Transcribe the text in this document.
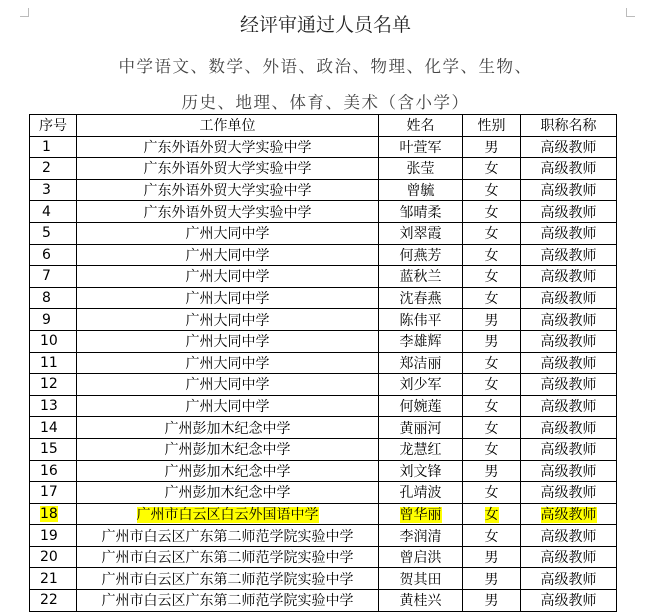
经评审通过人员名单
中学语文、数学、外语、政治、物理、化学、生物、
历史、地理、体育、美术（含小学）
序号	工作单位	姓名	性别	职称名称
1	广东外语外贸大学实验中学	叶萱军	男	高级教师
2	广东外语外贸大学实验中学	张莹	女	高级教师
3	广东外语外贸大学实验中学	曾毓	女	高级教师
4	广东外语外贸大学实验中学	邹晴柔	女	高级教师
5	广州大同中学	刘翠霞	女	高级教师
6	广州大同中学	何燕芳	女	高级教师
7	广州大同中学	蓝秋兰	女	高级教师
8	广州大同中学	沈春燕	女	高级教师
9	广州大同中学	陈伟平	男	高级教师
10	广州大同中学	李雄辉	男	高级教师
11	广州大同中学	郑洁丽	女	高级教师
12	广州大同中学	刘少军	女	高级教师
13	广州大同中学	何婉莲	女	高级教师
14	广州彭加木纪念中学	黄丽河	女	高级教师
15	广州彭加木纪念中学	龙慧红	女	高级教师
16	广州彭加木纪念中学	刘文锋	男	高级教师
17	广州彭加木纪念中学	孔靖波	女	高级教师
18	广州市白云区白云外国语中学	曾华丽	女	高级教师
19	广州市白云区广东第二师范学院实验中学	李润清	女	高级教师
20	广州市白云区广东第二师范学院实验中学	曾启洪	男	高级教师
21	广州市白云区广东第二师范学院实验中学	贺其田	男	高级教师
22	广州市白云区广东第二师范学院实验中学	黄桂兴	男	高级教师
